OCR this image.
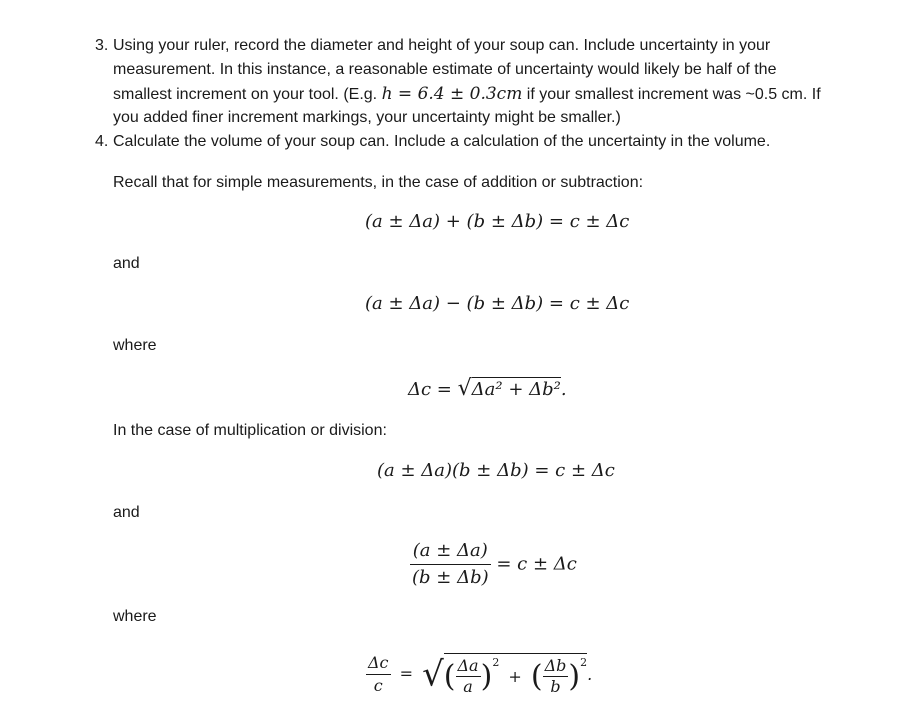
3. Using your ruler, record the diameter and height of your soup can. Include uncertainty in your
measurement. In this instance, a reasonable estimate of uncertainty would likely be half of the
smallest increment on your tool. (E.g. h = 6.4 ± 0.3cm if your smallest increment was ~0.5 cm. If
you added finer increment markings, your uncertainty might be smaller.)
4. Calculate the volume of your soup can. Include a calculation of the uncertainty in the volume.
Recall that for simple measurements, in the case of addition or subtraction:
(a ± Δa) + (b ± Δb) = c ± Δc
and
(a ± Δa) − (b ± Δb) = c ± Δc
where
Δc = √Δa² + Δb².
In the case of multiplication or division:
(a ± Δa)(b ± Δb) = c ± Δc
and
$\frac{(a \pm \Delta a)}{(b \pm \Delta b)} = c \pm \Delta c$
where
$\frac{\Delta c}{c}$ = √( $\frac{\Delta a}{a} )^2$ + ( $\frac{\Delta b}{b} )^2$.
